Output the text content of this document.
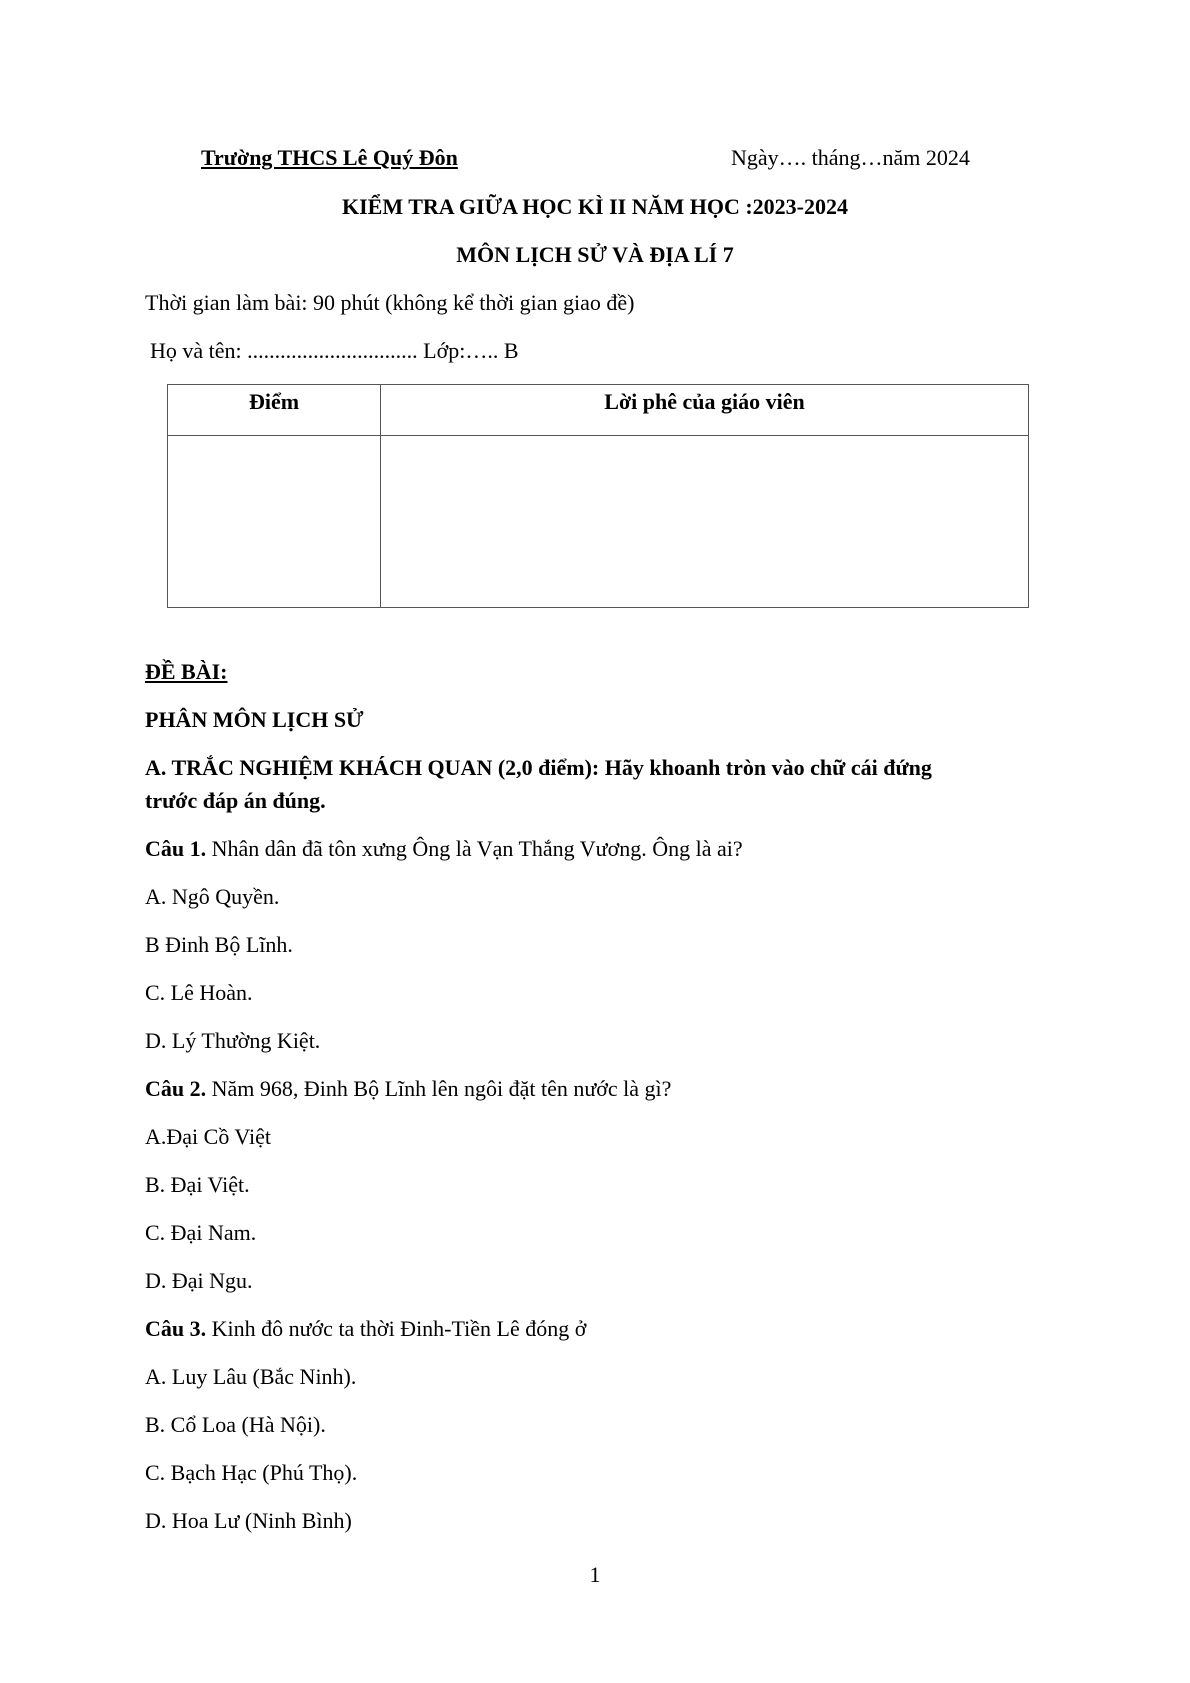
Trường THCS Lê Quý Đôn	Ngày…. tháng…năm 2024
KIỂM TRA GIỮA HỌC KÌ II NĂM HỌC :2023-2024
MÔN LỊCH SỬ VÀ ĐỊA LÍ 7
Thời gian làm bài: 90 phút (không kể thời gian giao đề)
Họ và tên: ............................... Lớp:….. B
Điểm	Lời phê của giáo viên

ĐỀ BÀI:
PHÂN MÔN LỊCH SỬ
A. TRẮC NGHIỆM KHÁCH QUAN (2,0 điểm): Hãy khoanh tròn vào chữ cái đứng
trước đáp án đúng.
Câu 1. Nhân dân đã tôn xưng Ông là Vạn Thắng Vương. Ông là ai?
A. Ngô Quyền.
B Đinh Bộ Lĩnh.
C. Lê Hoàn.
D. Lý Thường Kiệt.
Câu 2. Năm 968, Đinh Bộ Lĩnh lên ngôi đặt tên nước là gì?
A.Đại Cồ Việt
B. Đại Việt.
C. Đại Nam.
D. Đại Ngu.
Câu 3. Kinh đô nước ta thời Đinh-Tiền Lê đóng ở
A. Luy Lâu (Bắc Ninh).
B. Cổ Loa (Hà Nội).
C. Bạch Hạc (Phú Thọ).
D. Hoa Lư (Ninh Bình)
1
